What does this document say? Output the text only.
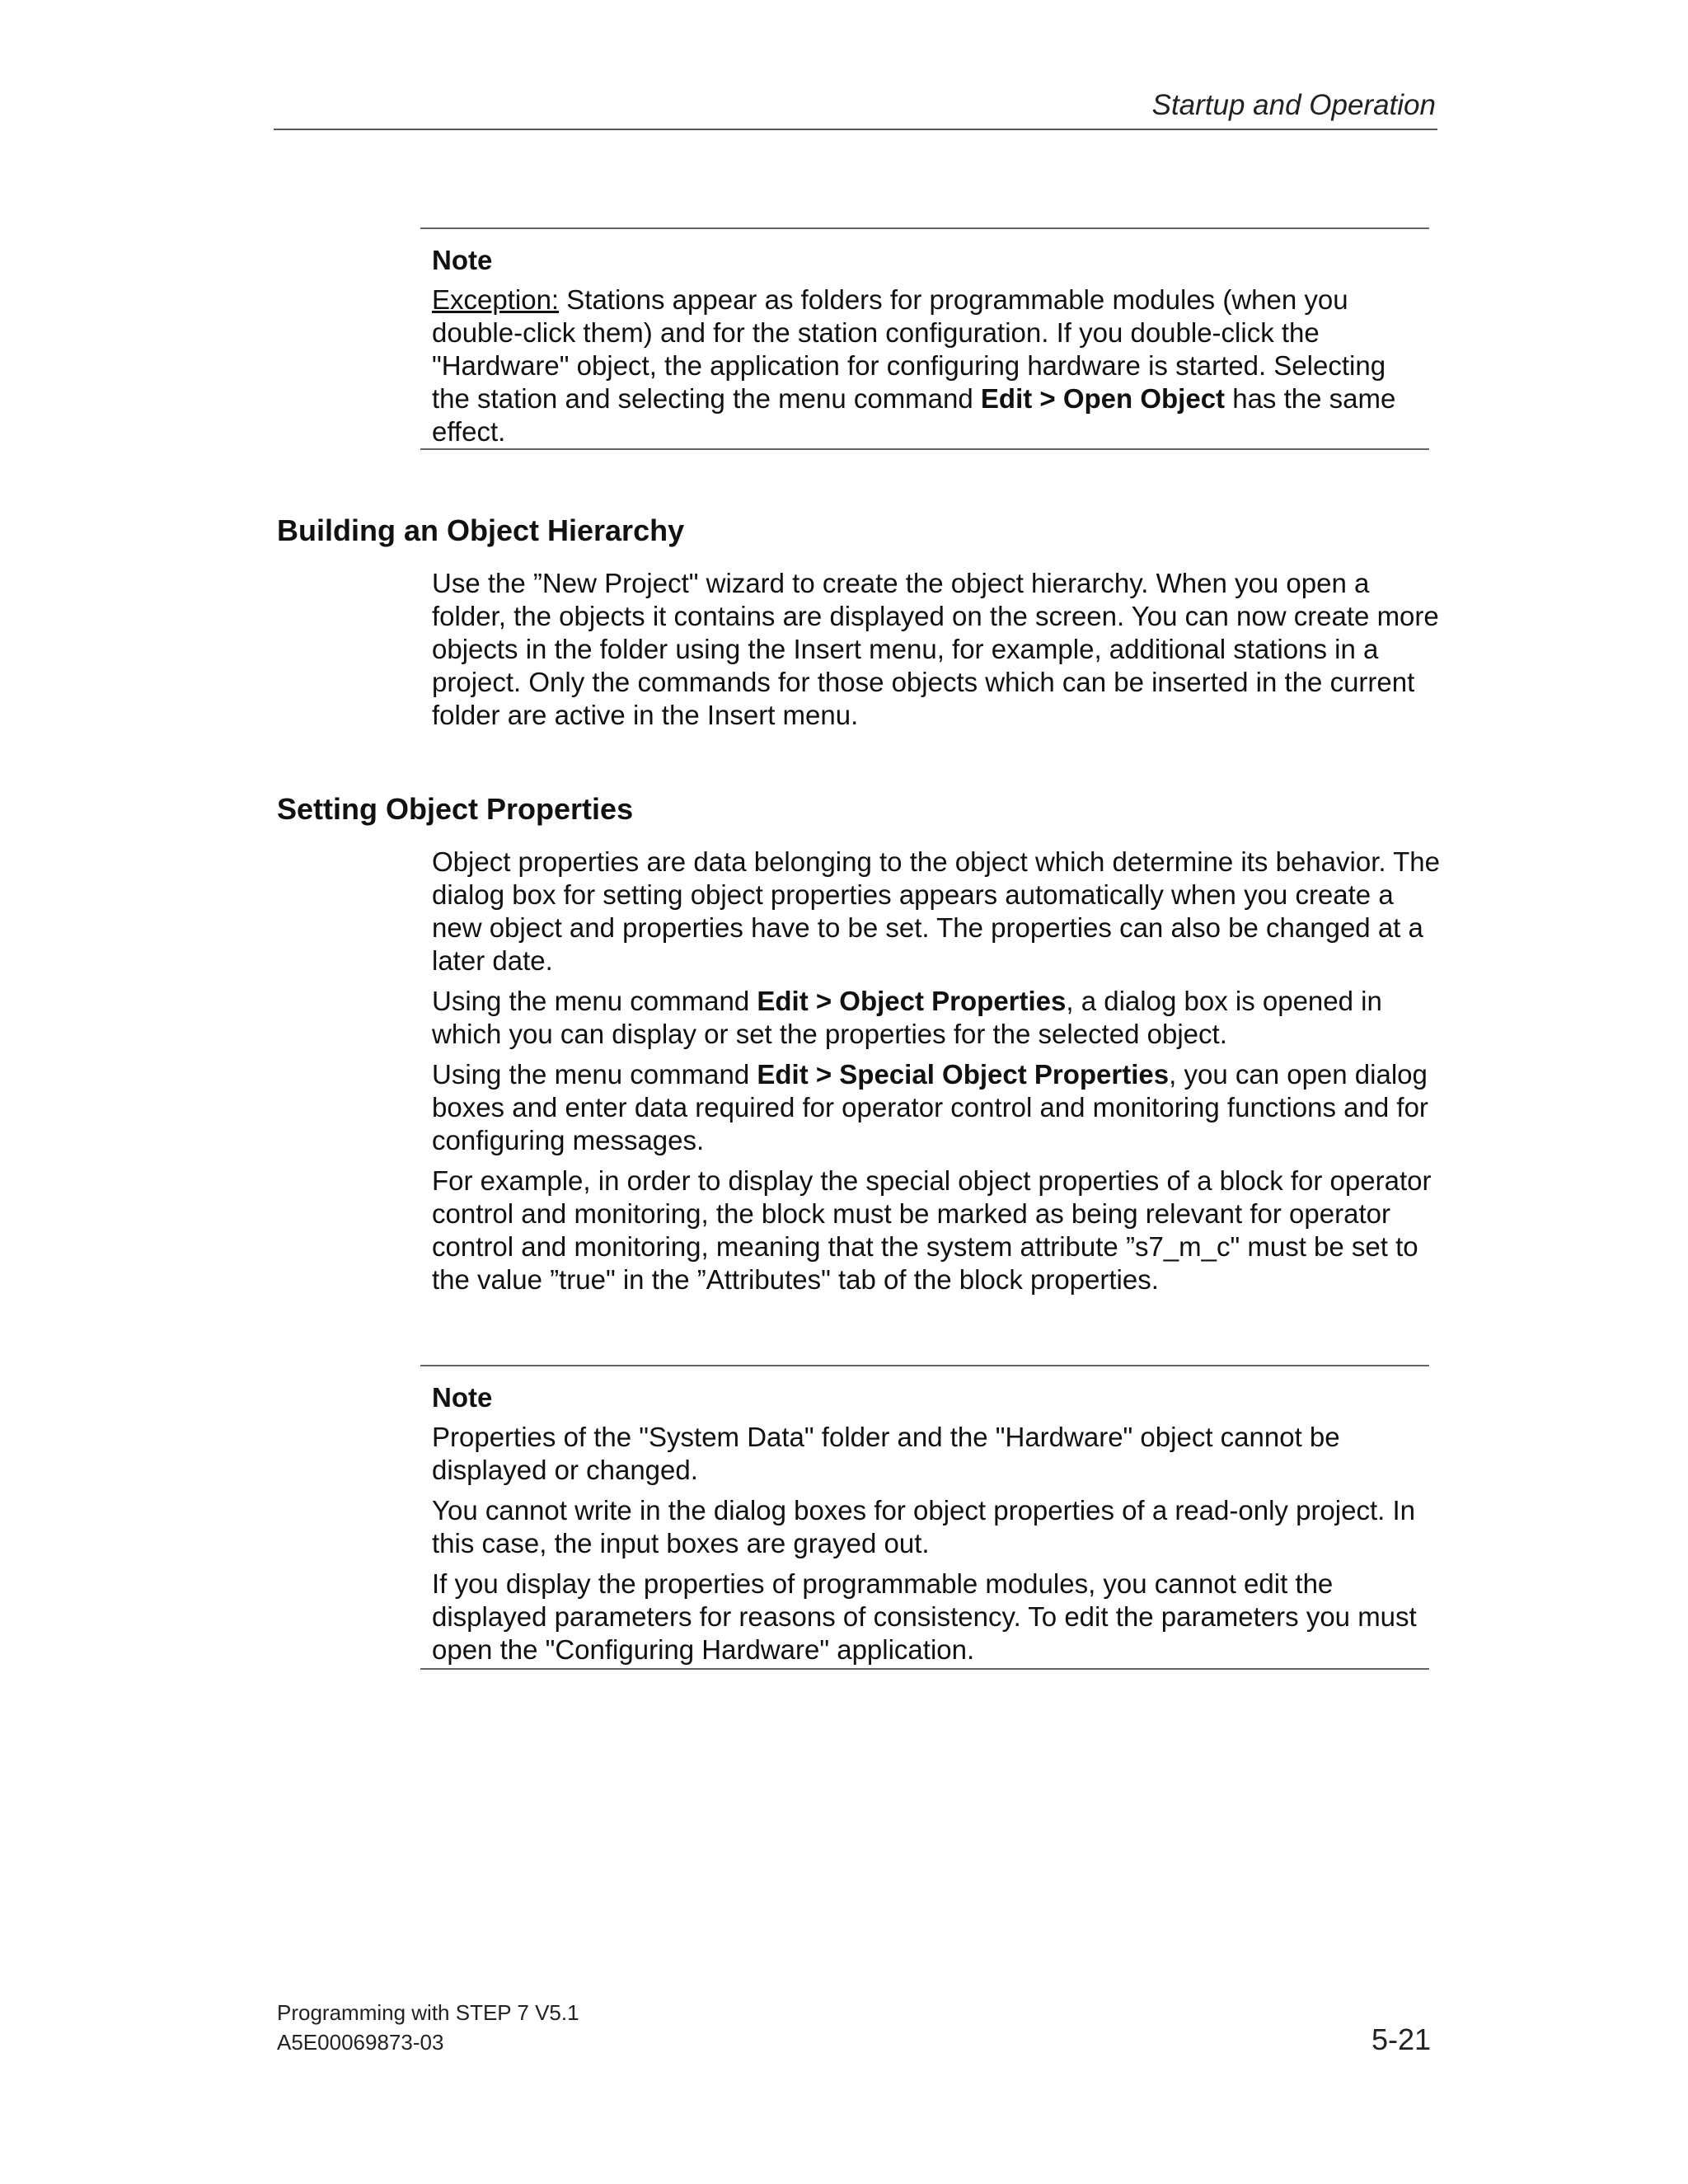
Startup and Operation
Note

Exception: Stations appear as folders for programmable modules (when you double-click them) and for the station configuration. If you double-click the "Hardware" object, the application for configuring hardware is started. Selecting the station and selecting the menu command Edit > Open Object has the same effect.

Building an Object Hierarchy

Use the ”New Project" wizard to create the object hierarchy. When you open a folder, the objects it contains are displayed on the screen. You can now create more objects in the folder using the Insert menu, for example, additional stations in a project. Only the commands for those objects which can be inserted in the current folder are active in the Insert menu.

Setting Object Properties

Object properties are data belonging to the object which determine its behavior. The dialog box for setting object properties appears automatically when you create a new object and properties have to be set. The properties can also be changed at a later date.

Using the menu command Edit > Object Properties, a dialog box is opened in which you can display or set the properties for the selected object.

Using the menu command Edit > Special Object Properties, you can open dialog boxes and enter data required for operator control and monitoring functions and for configuring messages.

For example, in order to display the special object properties of a block for operator control and monitoring, the block must be marked as being relevant for operator control and monitoring, meaning that the system attribute ”s7_m_c" must be set to the value ”true" in the ”Attributes" tab of the block properties.

Note

Properties of the "System Data" folder and the "Hardware" object cannot be displayed or changed.

You cannot write in the dialog boxes for object properties of a read-only project. In this case, the input boxes are grayed out.

If you display the properties of programmable modules, you cannot edit the displayed parameters for reasons of consistency. To edit the parameters you must open the "Configuring Hardware" application.

Programming with STEP 7 V5.1
A5E00069873-03	5-21
